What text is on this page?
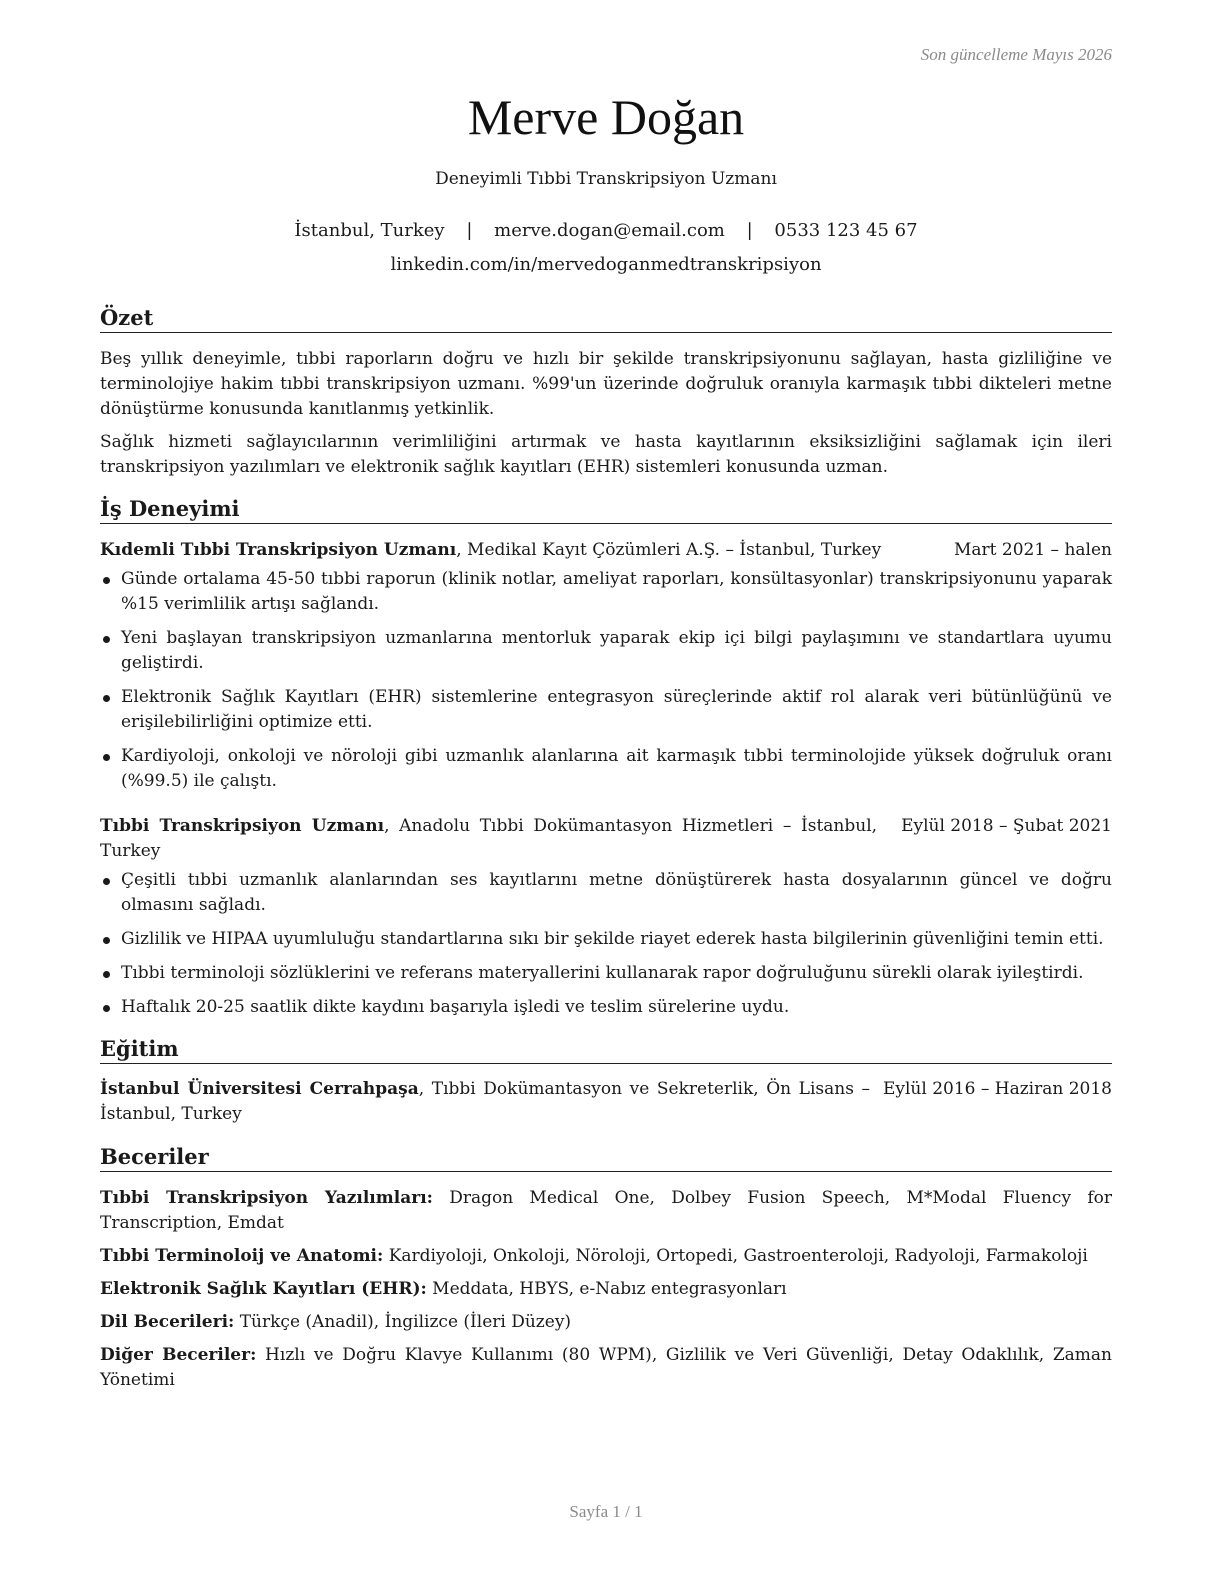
Son güncelleme Mayıs 2026
Merve Doğan
Deneyimli Tıbbi Transkripsiyon Uzmanı
İstanbul, Turkey | merve.dogan@email.com | 0533 123 45 67
linkedin.com/in/mervedoganmedtranskripsiyon
Özet

Beş yıllık deneyimle, tıbbi raporların doğru ve hızlı bir şekilde transkripsiyonunu sağlayan, hasta gizliliğine ve terminolojiye hakim tıbbi transkripsiyon uzmanı. %99'un üzerinde doğruluk oranıyla karmaşık tıbbi dikteleri metne dönüştürme konusunda kanıtlanmış yetkinlik.

Sağlık hizmeti sağlayıcılarının verimliliğini artırmak ve hasta kayıtlarının eksiksizliğini sağlamak için ileri transkripsiyon yazılımları ve elektronik sağlık kayıtları (EHR) sistemleri konusunda uzman.

İş Deneyimi
Kıdemli Tıbbi Transkripsiyon Uzmanı, Medikal Kayıt Çözümleri A.Ş. – İstanbul, Turkey	Mart 2021 – halen
Günde ortalama 45-50 tıbbi raporun (klinik notlar, ameliyat raporları, konsültasyonlar) transkripsiyonunu yaparak %15 verimlilik artışı sağlandı.
Yeni başlayan transkripsiyon uzmanlarına mentorluk yaparak ekip içi bilgi paylaşımını ve standartlara uyumu geliştirdi.
Elektronik Sağlık Kayıtları (EHR) sistemlerine entegrasyon süreçlerinde aktif rol alarak veri bütünlüğünü ve erişilebilirliğini optimize etti.
Kardiyoloji, onkoloji ve nöroloji gibi uzmanlık alanlarına ait karmaşık tıbbi terminolojide yüksek doğruluk oranı (%99.5) ile çalıştı.
Tıbbi Transkripsiyon Uzmanı, Anadolu Tıbbi Dokümantasyon Hizmetleri – İstanbul, Turkey
Eylül 2018 – Şubat 2021
Çeşitli tıbbi uzmanlık alanlarından ses kayıtlarını metne dönüştürerek hasta dosyalarının güncel ve doğru olmasını sağladı.
Gizlilik ve HIPAA uyumluluğu standartlarına sıkı bir şekilde riayet ederek hasta bilgilerinin güvenliğini temin etti.
Tıbbi terminoloji sözlüklerini ve referans materyallerini kullanarak rapor doğruluğunu sürekli olarak iyileştirdi.
Haftalık 20-25 saatlik dikte kaydını başarıyla işledi ve teslim sürelerine uydu.
Eğitim
İstanbul Üniversitesi Cerrahpaşa, Tıbbi Dokümantasyon ve Sekreterlik, Ön Lisans – İstanbul, Turkey
Eylül 2016 – Haziran 2018
Beceriler

Tıbbi Transkripsiyon Yazılımları: Dragon Medical One, Dolbey Fusion Speech, M*Modal Fluency for Transcription, Emdat

Tıbbi Terminoloij ve Anatomi: Kardiyoloji, Onkoloji, Nöroloji, Ortopedi, Gastroenteroloji, Radyoloji, Farmakoloji

Elektronik Sağlık Kayıtları (EHR): Meddata, HBYS, e-Nabız entegrasyonları

Dil Becerileri: Türkçe (Anadil), İngilizce (İleri Düzey)

Diğer Beceriler: Hızlı ve Doğru Klavye Kullanımı (80 WPM), Gizlilik ve Veri Güvenliği, Detay Odaklılık, Zaman Yönetimi

Sayfa 1 / 1
